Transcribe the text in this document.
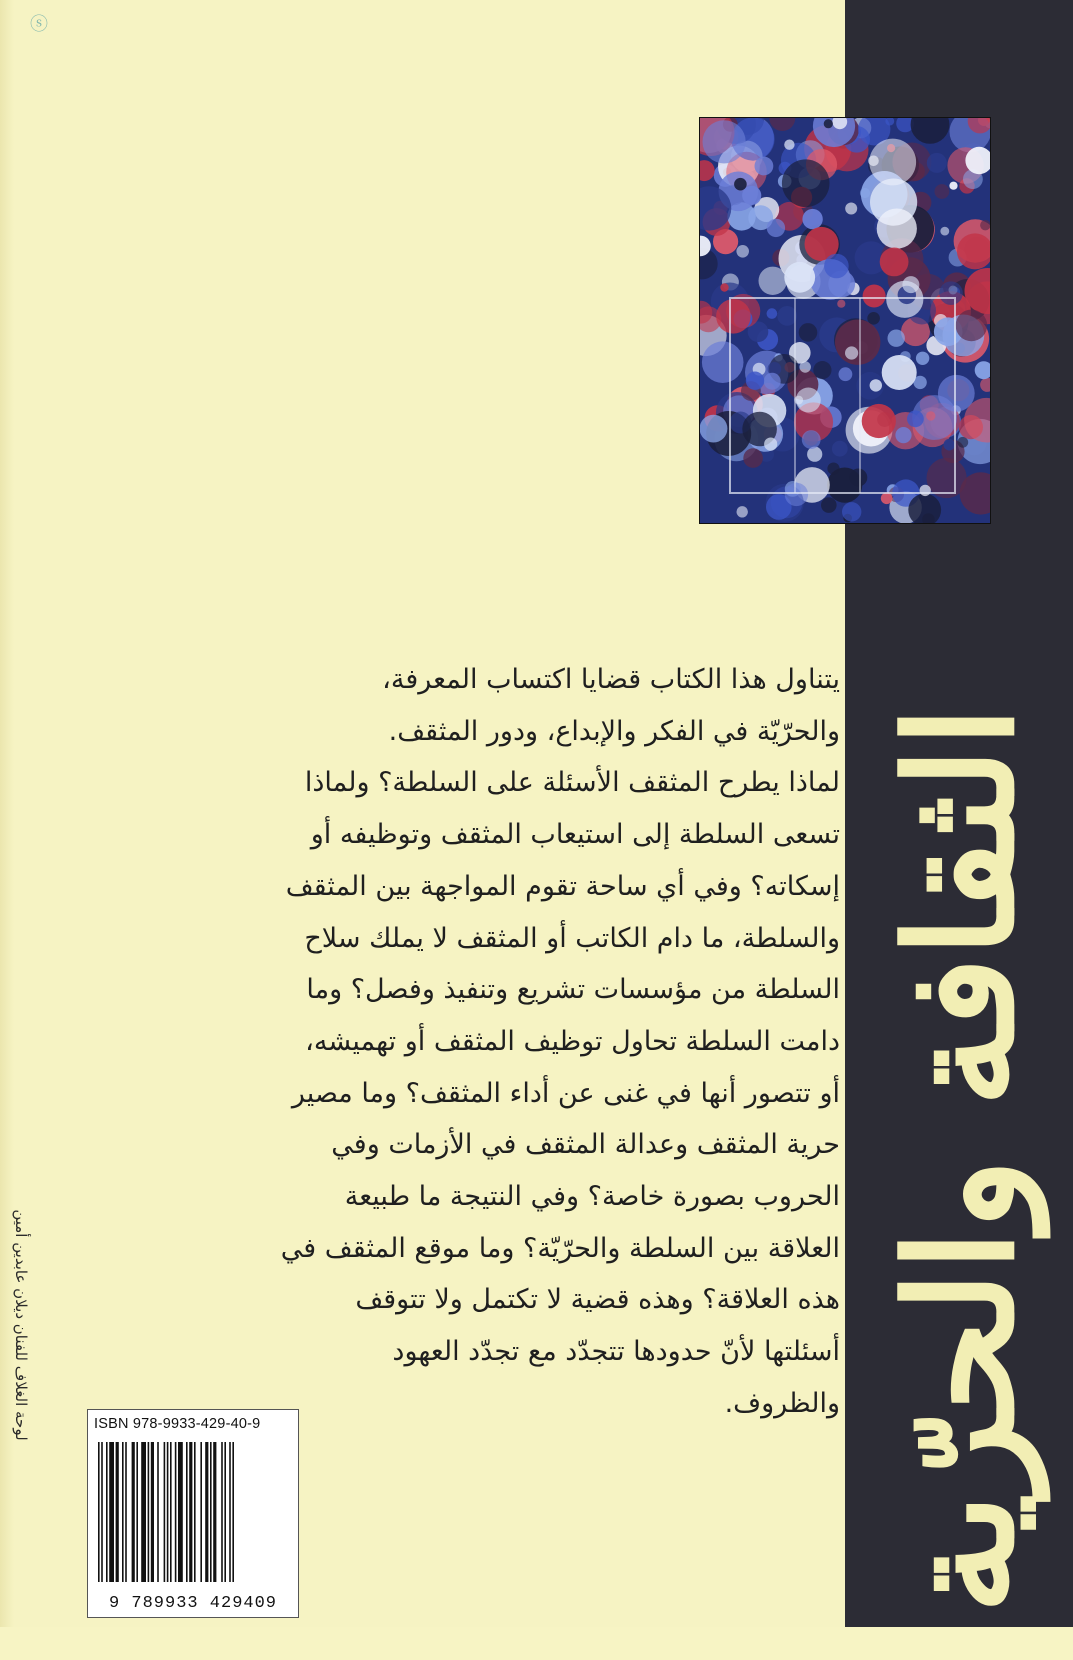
ⓢ
الثقافة والحرّية
يتناول هذا الكتاب قضايا اكتساب المعرفة،
والحرّيّة في الفكر والإبداع، ودور المثقف.
لماذا يطرح المثقف الأسئلة على السلطة؟ ولماذا
تسعى السلطة إلى استيعاب المثقف وتوظيفه أو
إسكاته؟ وفي أي ساحة تقوم المواجهة بين المثقف
والسلطة، ما دام الكاتب أو المثقف لا يملك سلاح
السلطة من مؤسسات تشريع وتنفيذ وفصل؟ وما
دامت السلطة تحاول توظيف المثقف أو تهميشه،
أو تتصور أنها في غنى عن أداء المثقف؟ وما مصير
حرية المثقف وعدالة المثقف في الأزمات وفي
الحروب بصورة خاصة؟ وفي النتيجة ما طبيعة
العلاقة بين السلطة والحرّيّة؟ وما موقع المثقف في
هذه العلاقة؟ وهذه قضية لا تكتمل ولا تتوقف
أسئلتها لأنّ حدودها تتجدّد مع تجدّد العهود
والظروف.
لوحة الغلاف للفنان ديلان عابدين أمين	ISBN 978-9933-429-40-9
9 789933 429409
